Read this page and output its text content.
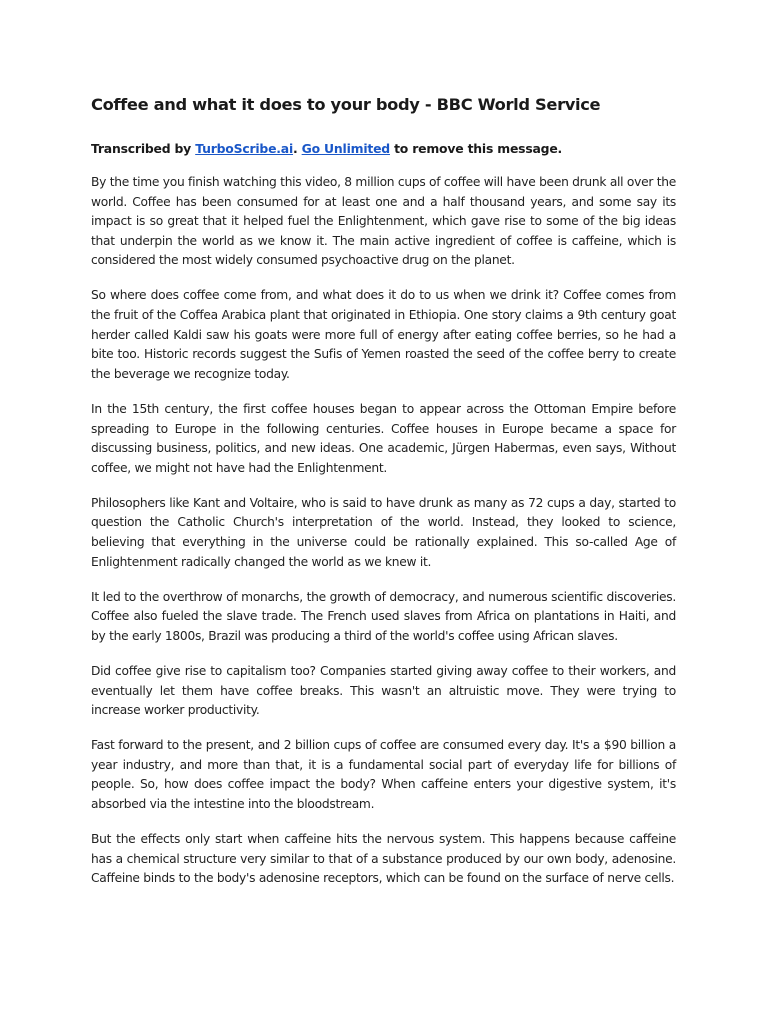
Coffee and what it does to your body - BBC World Service

Transcribed by TurboScribe.ai. Go Unlimited to remove this message.

By the time you finish watching this video, 8 million cups of coffee will have been drunk all over the world. Coffee has been consumed for at least one and a half thousand years, and some say its impact is so great that it helped fuel the Enlightenment, which gave rise to some of the big ideas that underpin the world as we know it. The main active ingredient of coffee is caffeine, which is considered the most widely consumed psychoactive drug on the planet.

So where does coffee come from, and what does it do to us when we drink it? Coffee comes from the fruit of the Coffea Arabica plant that originated in Ethiopia. One story claims a 9th century goat herder called Kaldi saw his goats were more full of energy after eating coffee berries, so he had a bite too. Historic records suggest the Sufis of Yemen roasted the seed of the coffee berry to create the beverage we recognize today.

In the 15th century, the first coffee houses began to appear across the Ottoman Empire before spreading to Europe in the following centuries. Coffee houses in Europe became a space for discussing business, politics, and new ideas. One academic, Jürgen Habermas, even says, Without coffee, we might not have had the Enlightenment.

Philosophers like Kant and Voltaire, who is said to have drunk as many as 72 cups a day, started to question the Catholic Church's interpretation of the world. Instead, they looked to science, believing that everything in the universe could be rationally explained. This so-called Age of Enlightenment radically changed the world as we knew it.

It led to the overthrow of monarchs, the growth of democracy, and numerous scientific discoveries. Coffee also fueled the slave trade. The French used slaves from Africa on plantations in Haiti, and by the early 1800s, Brazil was producing a third of the world's coffee using African slaves.

Did coffee give rise to capitalism too? Companies started giving away coffee to their workers, and eventually let them have coffee breaks. This wasn't an altruistic move. They were trying to increase worker productivity.

Fast forward to the present, and 2 billion cups of coffee are consumed every day. It's a $90 billion a year industry, and more than that, it is a fundamental social part of everyday life for billions of people. So, how does coffee impact the body? When caffeine enters your digestive system, it's absorbed via the intestine into the bloodstream.

But the effects only start when caffeine hits the nervous system. This happens because caffeine has a chemical structure very similar to that of a substance produced by our own body, adenosine. Caffeine binds to the body's adenosine receptors, which can be found on the surface of nerve cells.
